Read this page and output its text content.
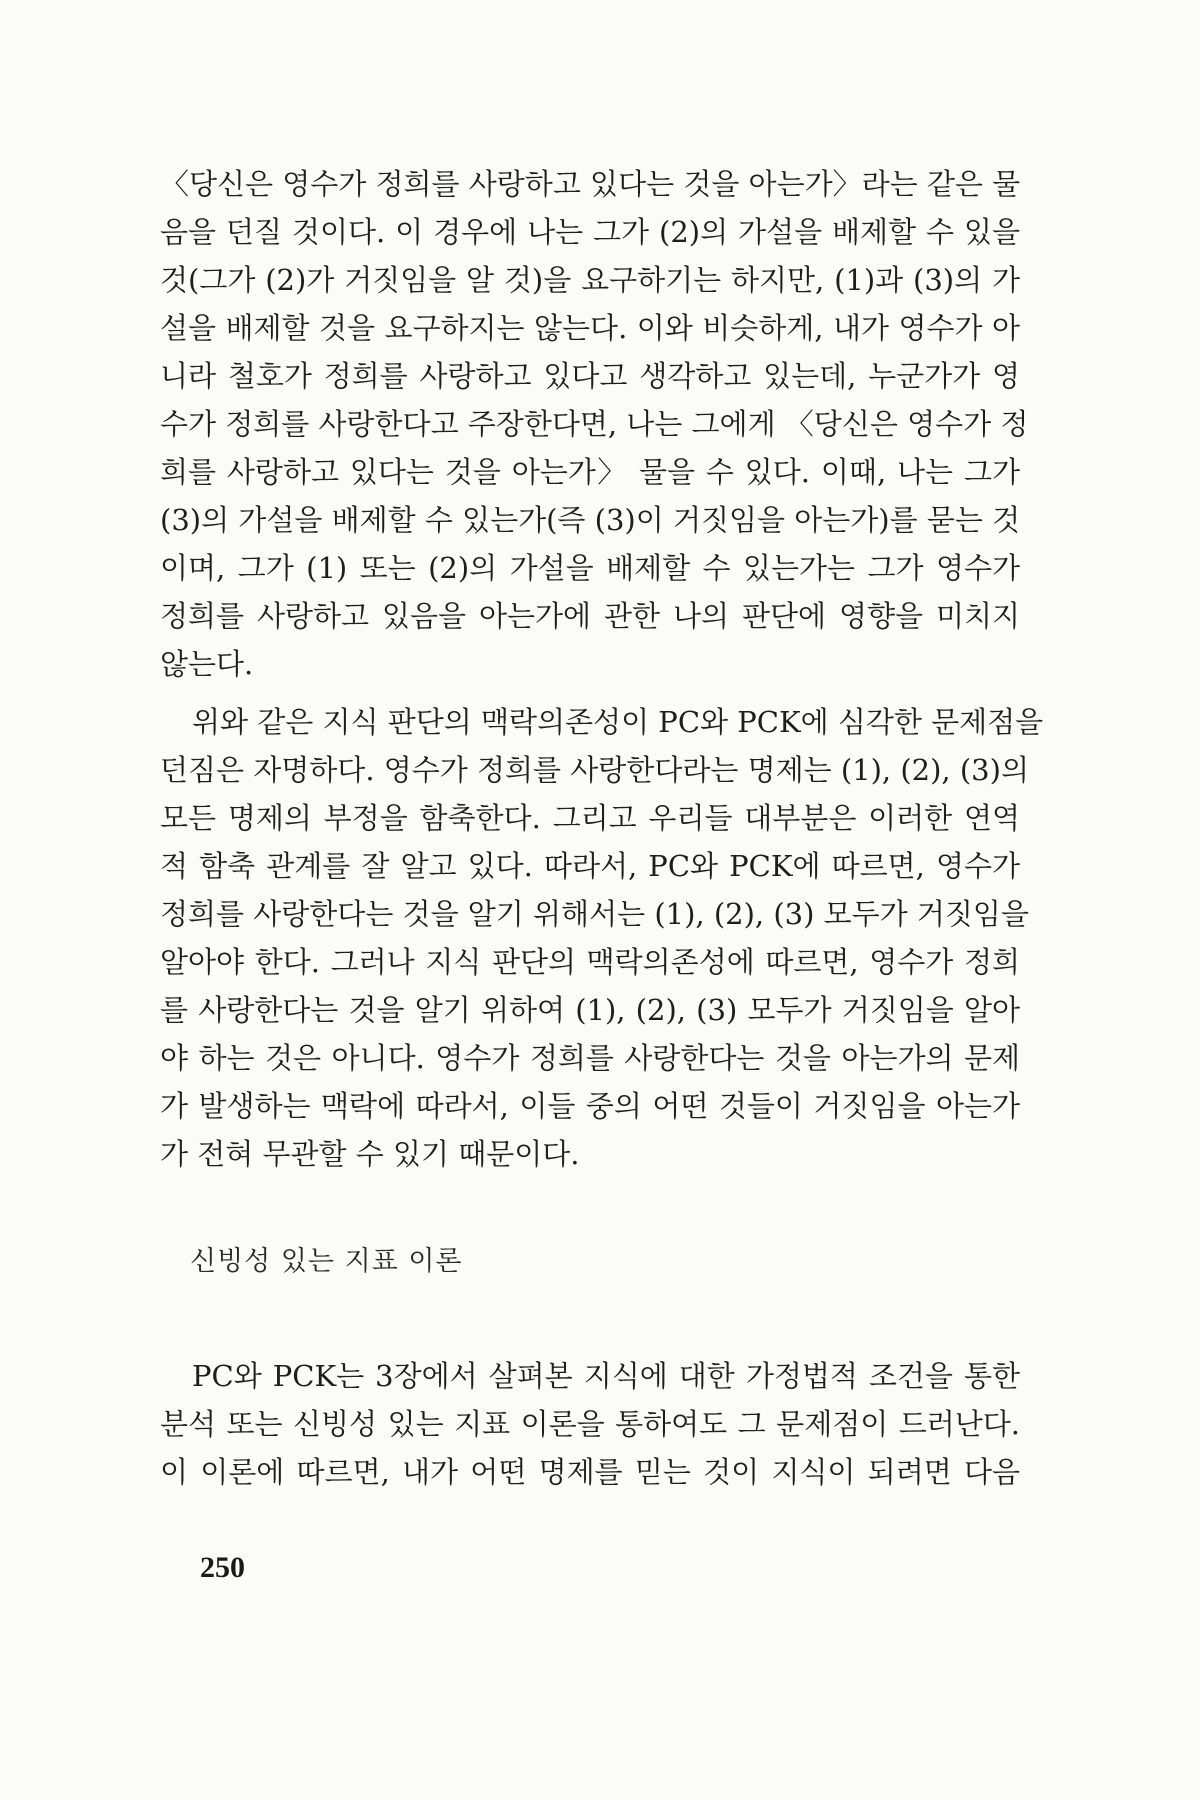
〈당신은 영수가 정희를 사랑하고 있다는 것을 아는가〉라는 같은 물
음을 던질 것이다. 이 경우에 나는 그가 (2)의 가설을 배제할 수 있을
것(그가 (2)가 거짓임을 알 것)을 요구하기는 하지만, (1)과 (3)의 가
설을 배제할 것을 요구하지는 않는다. 이와 비슷하게, 내가 영수가 아
니라 철호가 정희를 사랑하고 있다고 생각하고 있는데, 누군가가 영
수가 정희를 사랑한다고 주장한다면, 나는 그에게 〈당신은 영수가 정
희를 사랑하고 있다는 것을 아는가〉 물을 수 있다. 이때, 나는 그가
(3)의 가설을 배제할 수 있는가(즉 (3)이 거짓임을 아는가)를 묻는 것
이며, 그가 (1) 또는 (2)의 가설을 배제할 수 있는가는 그가 영수가
정희를 사랑하고 있음을 아는가에 관한 나의 판단에 영향을 미치지
않는다.
위와 같은 지식 판단의 맥락의존성이 PC와 PCK에 심각한 문제점을
던짐은 자명하다. 영수가 정희를 사랑한다라는 명제는 (1), (2), (3)의
모든 명제의 부정을 함축한다. 그리고 우리들 대부분은 이러한 연역
적 함축 관계를 잘 알고 있다. 따라서, PC와 PCK에 따르면, 영수가
정희를 사랑한다는 것을 알기 위해서는 (1), (2), (3) 모두가 거짓임을
알아야 한다. 그러나 지식 판단의 맥락의존성에 따르면, 영수가 정희
를 사랑한다는 것을 알기 위하여 (1), (2), (3) 모두가 거짓임을 알아
야 하는 것은 아니다. 영수가 정희를 사랑한다는 것을 아는가의 문제
가 발생하는 맥락에 따라서, 이들 중의 어떤 것들이 거짓임을 아는가
가 전혀 무관할 수 있기 때문이다.
신빙성 있는 지표 이론
PC와 PCK는 3장에서 살펴본 지식에 대한 가정법적 조건을 통한
분석 또는 신빙성 있는 지표 이론을 통하여도 그 문제점이 드러난다.
이 이론에 따르면, 내가 어떤 명제를 믿는 것이 지식이 되려면 다음
250
